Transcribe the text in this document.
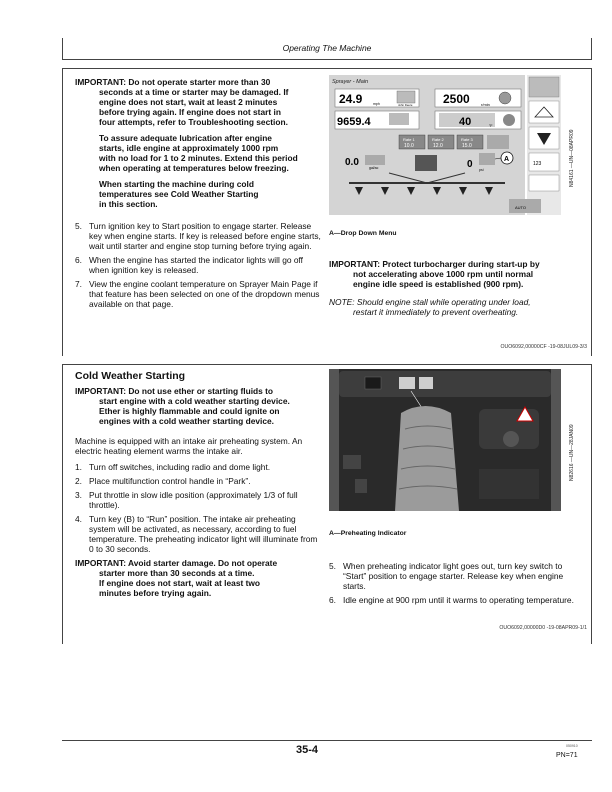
Operating The Machine
IMPORTANT: Do not operate starter more than 30
seconds at a time or starter may be damaged. If
engine does not start, wait at least 2 minutes
before trying again. If engine does not start in
four attempts, refer to Troubleshooting section.
To assure adequate lubrication after engine
starts, idle engine at approximately 1000 rpm
with no load for 1 to 2 minutes. Extend this period
when operating at temperatures below freezing.
When starting the machine during cold
temperatures see Cold Weather Starting
in this section.
5. Turn ignition key to Start position to engage starter. Release key when engine starts. If key is released before engine starts, wait until starter and engine stop turning before trying again.
6. When the engine has started the indicator lights will go off when ignition key is released.
7. View the engine coolant temperature on Sprayer Main Page if that feature has been selected on one of the dropdown menus available on that page.
Sprayer - Main
24.9	mph	John Deere	2500	r/min
9659.4	40	°F
Rate 1
10.0
Rate 2
12.0
Rate 3
15.0
0.0	gal/ac	0 psi
A
123
AUTO
N84161 —UN—08APR09
A—Drop Down Menu
IMPORTANT: Protect turbocharger during start-up by
not accelerating above 1000 rpm until normal
engine idle speed is established (900 rpm).
NOTE: Should engine stall while operating under load,
restart it immediately to prevent overheating.
OUO6092,00000CF -19-08JUL09-3/3
Cold Weather Starting
IMPORTANT: Do not use ether or starting fluids to
start engine with a cold weather starting device.
Ether is highly flammable and could ignite on
engines with a cold weather starting device.
Machine is equipped with an intake air preheating system. An electric heating element warms the intake air.
1. Turn off switches, including radio and dome light.
2. Place multifunction control handle in “Park”.
3. Put throttle in slow idle position (approximately 1/3 of full throttle).
4. Turn key (B) to “Run” position. The intake air preheating system will be activated, as necessary, according to fuel temperature. The preheating indicator light will illuminate from 0 to 30 seconds.
IMPORTANT: Avoid starter damage. Do not operate
starter more than 30 seconds at a time.
If engine does not start, wait at least two
minutes before trying again.
N82616 —UN—28JAN09
A—Preheating Indicator
5. When preheating indicator light goes out, turn key switch to “Start” position to engage starter. Release key when engine starts.
6. Idle engine at 900 rpm until it warms to operating temperature.
OUO6092,00000D0 -19-08APR09-1/1
35-4	050910
PN=71
